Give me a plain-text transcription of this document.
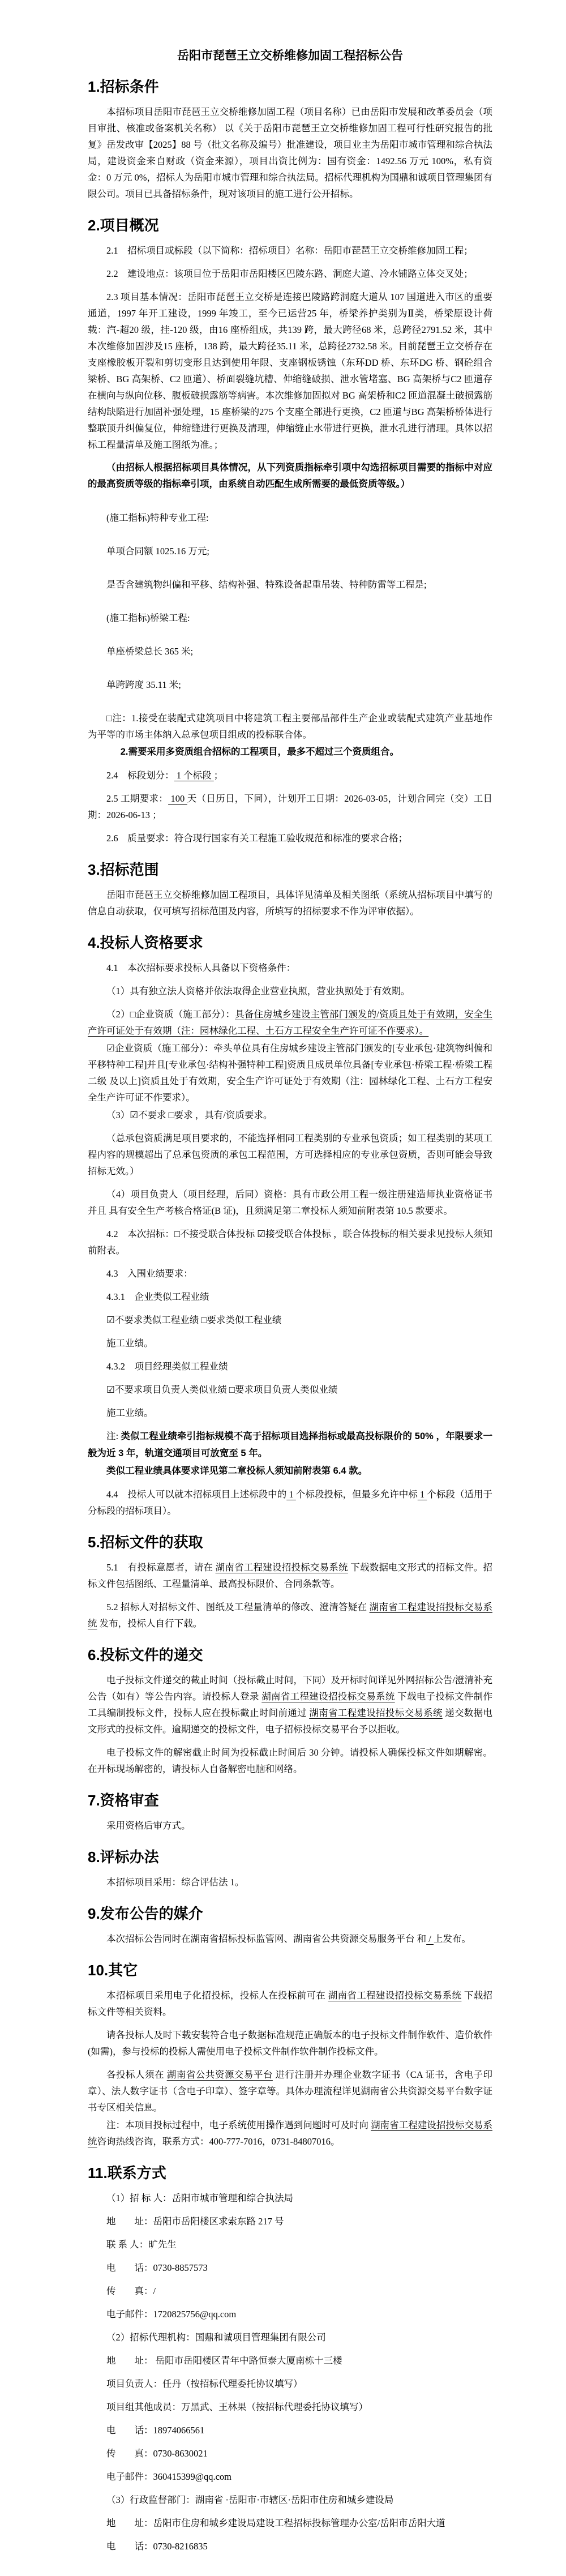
岳阳市琵琶王立交桥维修加固工程招标公告
1.招标条件

本招标项目岳阳市琵琶王立交桥维修加固工程（项目名称）已由岳阳市发展和改革委员会（项目审批、核准或备案机关名称） 以《关于岳阳市琵琶王立交桥维修加固工程可行性研究报告的批复》岳发改审【2025】88 号（批文名称及编号）批准建设，项目业主为岳阳市城市管理和综合执法局，建设资金来自财政（资金来源），项目出资比例为：国有资金：1492.56 万元 100%，私有资金：0 万元 0%，招标人为岳阳市城市管理和综合执法局。招标代理机构为国鼎和诚项目管理集团有限公司。项目已具备招标条件，现对该项目的施工进行公开招标。

2.项目概况

2.1　招标项目或标段（以下简称：招标项目）名称：岳阳市琵琶王立交桥维修加固工程；

2.2　建设地点：该项目位于岳阳市岳阳楼区巴陵东路、洞庭大道、冷水铺路立体交叉处；

2.3 项目基本情况：岳阳市琵琶王立交桥是连接巴陵路跨洞庭大道从 107 国道进入市区的重要通道，1997 年开工建设，1999 年竣工，至今已运营25 年，桥梁养护类别为Ⅱ类，桥梁原设计荷载：汽-超20 级，挂-120 级，由16 座桥组成，共139 跨，最大跨径68 米，总跨径2791.52 米，其中本次维修加固涉及15 座桥，138 跨，最大跨径35.11 米，总跨径2732.58 米。目前琵琶王立交桥存在支座橡胶板开裂和剪切变形且达到使用年限、支座钢板锈蚀（东环DD 桥、东环DG 桥、钢砼组合梁桥、BG 高架桥、C2 匝道）、桥面裂缝坑槽、伸缩缝破损、泄水管堵塞、BG 高架桥与C2 匝道存在横向与纵向位移、腹板破损露筋等病害。本次维修加固拟对 BG 高架桥和C2 匝道混凝土破损露筋结构缺陷进行加固补强处理，15 座桥梁的275 个支座全部进行更换，C2 匝道与BG 高架桥桥体进行整联顶升纠偏复位，伸缩缝进行更换及清理，伸缩缝止水带进行更换，泄水孔进行清理。具体以招标工程量清单及施工图纸为准。；

（由招标人根据招标项目具体情况，从下列资质指标牵引项中勾选招标项目需要的指标中对应的最高资质等级的指标牵引项，由系统自动匹配生成所需要的最低资质等级。）

(施工指标)特种专业工程:

单项合同额 1025.16 万元;

是否含建筑物纠偏和平移、结构补强、特殊设备起重吊装、特种防雷等工程是;

(施工指标)桥梁工程:

单座桥梁总长 365 米;

单跨跨度 35.11 米;

□注：1.接受在装配式建筑项目中将建筑工程主要部品部件生产企业或装配式建筑产业基地作为平等的市场主体纳入总承包项目组成的投标联合体。

2.需要采用多资质组合招标的工程项目，最多不超过三个资质组合。

2.4　标段划分： 1 个标段 ；

2.5 工期要求： 100 天（日历日，下同），计划开工日期：2026-03-05，计划合同完（交）工日期：2026-06-13 ；

2.6　质量要求：符合现行国家有关工程施工验收规范和标准的要求合格；

3.招标范围

岳阳市琵琶王立交桥维修加固工程项目，具体详见清单及相关图纸（系统从招标项目中填写的信息自动获取，仅可填写招标范围及内容，所填写的招标要求不作为评审依据）。

4.投标人资格要求

4.1　本次招标要求投标人具备以下资格条件：

（1）具有独立法人资格并依法取得企业营业执照，营业执照处于有效期。

（2）□企业资质（施工部分）：具备住房城乡建设主管部门颁发的/资质且处于有效期，安全生产许可证处于有效期（注：园林绿化工程、土石方工程安全生产许可证不作要求）。

☑企业资质（施工部分）：牵头单位具有住房城乡建设主管部门颁发的[专业承包·建筑物纠偏和平移特种工程]并且[专业承包·结构补强特种工程]资质且成员单位具备[专业承包·桥梁工程·桥梁工程二级 及以上]资质且处于有效期，安全生产许可证处于有效期（注：园林绿化工程、土石方工程安全生产许可证不作要求）。

（3）☑不要求 □要求 ，具有/资质要求。

（总承包资质满足项目要求的，不能选择相同工程类别的专业承包资质；如工程类别的某项工程内容的规模超出了总承包资质的承包工程范围，方可选择相应的专业承包资质，否则可能会导致招标无效。）

（4）项目负责人（项目经理，后同）资格：具有市政公用工程一级注册建造师执业资格证书并且 具有安全生产考核合格证(B 证)，且须满足第二章投标人须知前附表第 10.5 款要求。

4.2　本次招标：□不接受联合体投标 ☑接受联合体投标 ，联合体投标的相关要求见投标人须知前附表。

4.3　入围业绩要求：

4.3.1　企业类似工程业绩

☑不要求类似工程业绩 □要求类似工程业绩

施工业绩。

4.3.2　项目经理类似工程业绩

☑不要求项目负责人类似业绩 □要求项目负责人类似业绩

施工业绩。

注: 类似工程业绩牵引指标规模不高于招标项目选择指标或最高投标限价的 50% ，年限要求一般为近 3 年，轨道交通项目可放宽至 5 年。

类似工程业绩具体要求详见第二章投标人须知前附表第 6.4 款。

4.4　投标人可以就本招标项目上述标段中的 1 个标段投标，但最多允许中标 1 个标段（适用于分标段的招标项目）。

5.招标文件的获取

5.1　有投标意愿者，请在 湖南省工程建设招投标交易系统 下载数据电文形式的招标文件。招标文件包括图纸、工程量清单、最高投标限价、合同条款等。

5.2 招标人对招标文件、图纸及工程量清单的修改、澄清答疑在 湖南省工程建设招投标交易系统 发布，投标人自行下载。

6.投标文件的递交

电子投标文件递交的截止时间（投标截止时间，下同）及开标时间详见外网招标公告/澄清补充公告（如有）等公告内容。请投标人登录 湖南省工程建设招投标交易系统 下载电子投标文件制作工具编制投标文件，投标人应在投标截止时间前通过 湖南省工程建设招投标交易系统 递交数据电文形式的投标文件。逾期递交的投标文件，电子招标投标交易平台予以拒收。

电子投标文件的解密截止时间为投标截止时间后 30 分钟。请投标人确保投标文件如期解密。在开标现场解密的，请投标人自备解密电脑和网络。

7.资格审查

采用资格后审方式。

8.评标办法

本招标项目采用：综合评估法 1。

9.发布公告的媒介

本次招标公告同时在湖南省招标投标监管网、湖南省公共资源交易服务平台 和 / 上发布。

10.其它

本招标项目采用电子化招投标，投标人在投标前可在 湖南省工程建设招投标交易系统 下载招标文件等相关资料。

请各投标人及时下载安装符合电子数据标准规范正确版本的电子投标文件制作软件、造价软件(如需)，参与投标的投标人需使用电子投标文件制作软件制作投标文件。

各投标人须在 湖南省公共资源交易平台 进行注册并办理企业数字证书（CA 证书，含电子印章）、法人数字证书（含电子印章）、签字章等。具体办理流程详见湖南省公共资源交易平台数字证书专区相关信息。

注：本项目投标过程中，电子系统使用操作遇到问题时可及时向 湖南省工程建设招投标交易系统咨询热线咨询，联系方式：400-777-7016，0731-84807016。

11.联系方式

（1）招 标 人：岳阳市城市管理和综合执法局

地　　址：岳阳市岳阳楼区求索东路 217 号

联 系 人：旷先生

电　　话：0730-8857573

传　　真：/

电子邮件：1720825756@qq.com

（2）招标代理机构：国鼎和诚项目管理集团有限公司

地　　址： 岳阳市岳阳楼区青年中路恒泰大厦南栋十三楼

项目负责人：任丹（按招标代理委托协议填写）

项目组其他成员：万黑武、王林果（按招标代理委托协议填写）

电　　话：18974066561

传　　真：0730-8630021

电子邮件：360415399@qq.com

（3）行政监督部门：湖南省 ·岳阳市·市辖区·岳阳市住房和城乡建设局

地　　址：岳阳市住房和城乡建设局建设工程招标投标管理办公室/岳阳市岳阳大道

电　　话：0730-8216835
